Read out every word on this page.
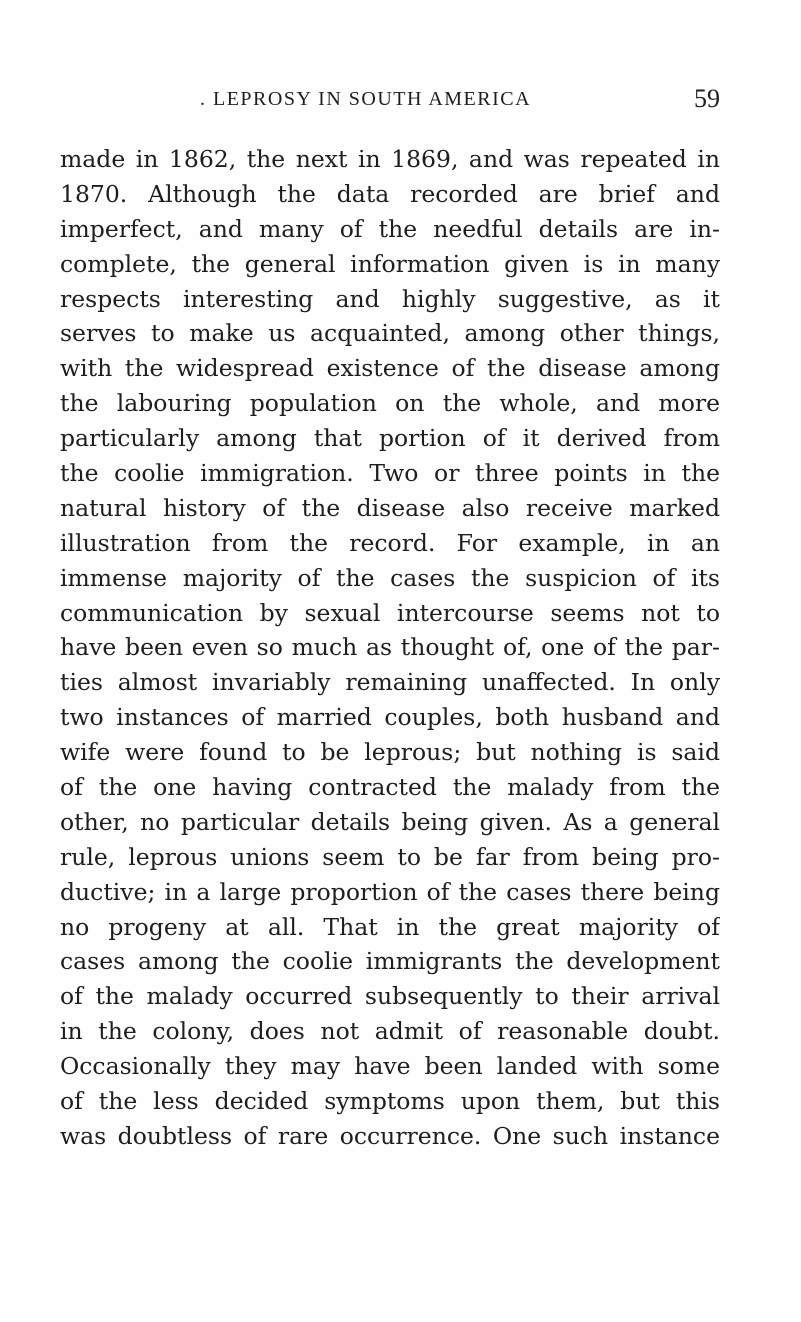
. LEPROSY IN SOUTH AMERICA	59
made in 1862, the next in 1869, and was repeated in
1870. Although the data recorded are brief and
imperfect, and many of the needful details are in-
complete, the general information given is in many
respects interesting and highly suggestive, as it
serves to make us acquainted, among other things,
with the widespread existence of the disease among
the labouring population on the whole, and more
particularly among that portion of it derived from
the coolie immigration. Two or three points in the
natural history of the disease also receive marked
illustration from the record. For example, in an
immense majority of the cases the suspicion of its
communication by sexual intercourse seems not to
have been even so much as thought of, one of the par-
ties almost invariably remaining unaffected. In only
two instances of married couples, both husband and
wife were found to be leprous; but nothing is said
of the one having contracted the malady from the
other, no particular details being given. As a general
rule, leprous unions seem to be far from being pro-
ductive; in a large proportion of the cases there being
no progeny at all. That in the great majority of
cases among the coolie immigrants the development
of the malady occurred subsequently to their arrival
in the colony, does not admit of reasonable doubt.
Occasionally they may have been landed with some
of the less decided symptoms upon them, but this
was doubtless of rare occurrence. One such instance
